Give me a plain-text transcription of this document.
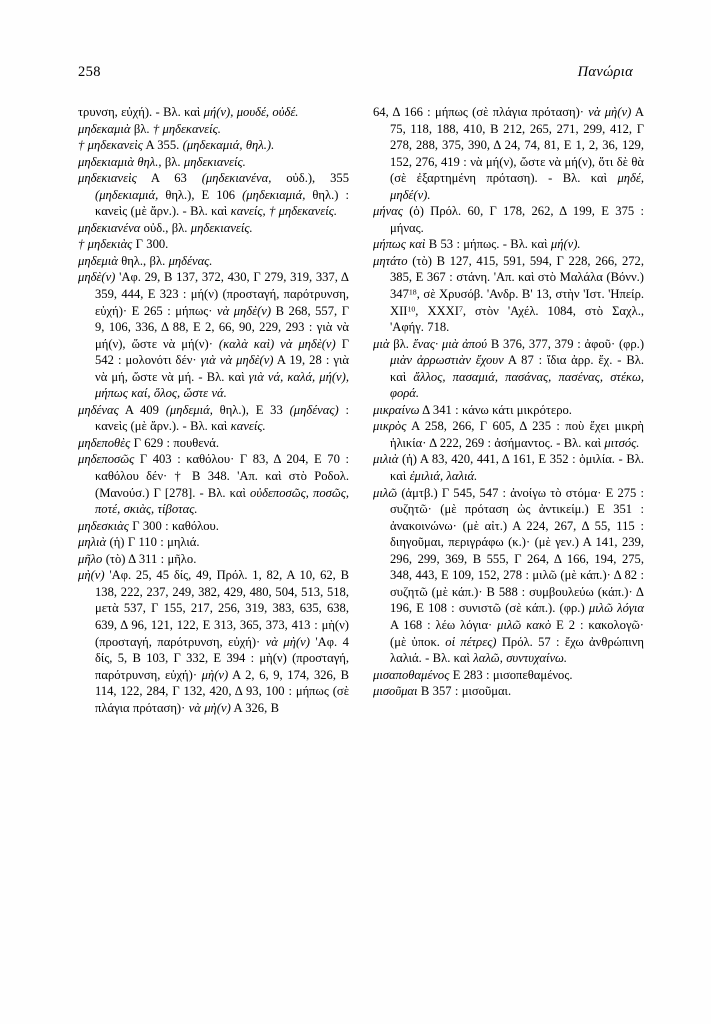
258	Πανώρια

τρυνση, εὐχή). - Βλ. καὶ μή(ν), μουδέ, οὐδέ.

μηδεκαμιὰ βλ. † μηδεκανείς.

† μηδεκανεὶς Α 355. (μηδεκαμιά, θηλ.).

μηδεκιαμιὰ θηλ., βλ. μηδεκιανείς.

μηδεκιανεὶς Α 63 (μηδεκιανένα, οὐδ.), 355 (μηδεκιαμιά, θηλ.), Ε 106 (μηδεκιαμιά, θηλ.) : κανεὶς (μὲ ἄρν.). - Βλ. καὶ κανείς, † μηδεκανείς.

μηδεκιανένα οὐδ., βλ. μηδεκιανείς.

† μηδεκιὰς Γ 300.

μηδεμιὰ θηλ., βλ. μηδένας.

μηδὲ(ν) 'Αφ. 29, Β 137, 372, 430, Γ 279, 319, 337, Δ 359, 444, Ε 323 : μή(ν) (προσταγή, παρότρυνση, εὐχή)· Ε 265 : μήπως· νὰ μηδὲ(ν) Β 268, 557, Γ 9, 106, 336, Δ 88, Ε 2, 66, 90, 229, 293 : γιὰ νὰ μή(ν), ὥστε νὰ μή(ν)· (καλὰ καὶ) νὰ μηδὲ(ν) Γ 542 : μολονότι δέν· γιὰ νὰ μηδὲ(ν) Α 19, 28 : γιὰ νὰ μή, ὥστε νὰ μή. - Βλ. καὶ γιὰ νά, καλά, μή(ν), μήπως καί, ὅλος, ὥστε νά.

μηδένας Α 409 (μηδεμιά, θηλ.), Ε 33 (μηδένας) : κανεὶς (μὲ ἄρν.). - Βλ. καὶ κανείς.

μηδεποθὲς Γ 629 : πουθενά.

μηδεποσῶς Γ 403 : καθόλου· Γ 83, Δ 204, Ε 70 : καθόλου δέν· † Β 348. 'Απ. καὶ στὸ Ροδολ. (Μανούσ.) Γ [278]. - Βλ. καὶ οὐδεποσῶς, ποσῶς, ποτέ, σκιὰς, τίβοτας.

μηδεσκιὰς Γ 300 : καθόλου.

μηλιὰ (ἡ) Γ 110 : μηλιά.

μῆλο (τὸ) Δ 311 : μῆλο.

μὴ(ν) 'Αφ. 25, 45 δίς, 49, Πρόλ. 1, 82, Α 10, 62, Β 138, 222, 237, 249, 382, 429, 480, 504, 513, 518, μετὰ 537, Γ 155, 217, 256, 319, 383, 635, 638, 639, Δ 96, 121, 122, Ε 313, 365, 373, 413 : μὴ(ν) (προσταγή, παρότρυνση, εὐχή)· νὰ μὴ(ν) 'Αφ. 4 δίς, 5, Β 103, Γ 332, Ε 394 : μὴ(ν) (προσταγή, παρότρυνση, εὐχή)· μὴ(ν) Α 2, 6, 9, 174, 326, Β 114, 122, 284, Γ 132, 420, Δ 93, 100 : μήπως (σὲ πλάγια πρόταση)· νὰ μὴ(ν) Α 326, Β

64, Δ 166 : μήπως (σὲ πλάγια πρόταση)· νὰ μὴ(ν) Α 75, 118, 188, 410, Β 212, 265, 271, 299, 412, Γ 278, 288, 375, 390, Δ 24, 74, 81, Ε 1, 2, 36, 129, 152, 276, 419 : νὰ μή(ν), ὥστε νὰ μή(ν), ὅτι δὲ θὰ (σὲ ἐξαρτημένη πρόταση). - Βλ. καὶ μηδέ, μηδέ(ν).

μήνας (ὁ) Πρόλ. 60, Γ 178, 262, Δ 199, Ε 375 : μήνας.

μήπως καὶ Β 53 : μήπως. - Βλ. καὶ μή(ν).

μητάτο (τὸ) Β 127, 415, 591, 594, Γ 228, 266, 272, 385, Ε 367 : στάνη. 'Απ. καὶ στὸ Μαλάλα (Βόνν.) $347^{18}$, σὲ Χρυσόβ. 'Ανδρ. Β' 13, στὴν 'Ιστ. 'Ηπείρ. XII$^{10}$, XXXI$^7$, στὸν 'Αχέλ. 1084, στὸ Σαχλ., 'Αφήγ. 718.

μιὰ βλ. ἕνας· μιὰ ἀπού Β 376, 377, 379 : ἀφοῦ· (φρ.) μιὰν ἀρρωστιὰν ἔχουν Α 87 : ἴδια ἀρρ. ἔχ. - Βλ. καὶ ἄλλος, πασαμιά, πασάνας, πασένας, στέκω, φορά.

μικραίνω Δ 341 : κάνω κάτι μικρότερο.

μικρὸς Α 258, 266, Γ 605, Δ 235 : ποὺ ἔχει μικρὴ ἡλικία· Δ 222, 269 : ἀσήμαντος. - Βλ. καὶ μιτσός.

μιλιὰ (ἡ) Α 83, 420, 441, Δ 161, Ε 352 : ὁμιλία. - Βλ. καὶ ἐμιλιά, λαλιά.

μιλῶ (ἀμτβ.) Γ 545, 547 : ἀνοίγω τὸ στόμα· Ε 275 : συζητῶ· (μὲ πρόταση ὡς ἀντικείμ.) Ε 351 : ἀνακοινώνω· (μὲ αἰτ.) Α 224, 267, Δ 55, 115 : διηγοῦμαι, περιγράφω (κ.)· (μὲ γεν.) Α 141, 239, 296, 299, 369, Β 555, Γ 264, Δ 166, 194, 275, 348, 443, Ε 109, 152, 278 : μιλῶ (μὲ κάπ.)· Δ 82 : συζητῶ (μὲ κάπ.)· Β 588 : συμβουλεύω (κάπ.)· Δ 196, Ε 108 : συνιστῶ (σὲ κάπ.). (φρ.) μιλῶ λόγια Α 168 : λέω λόγια· μιλῶ κακὸ Ε 2 : κακολογῶ· (μὲ ὑποκ. οἱ πέτρες) Πρόλ. 57 : ἔχω ἀνθρώπινη λαλιά. - Βλ. καὶ λαλῶ, συντυχαίνω.

μισαποθαμένος Ε 283 : μισοπεθαμένος.

μισοῦμαι Β 357 : μισοῦμαι.
